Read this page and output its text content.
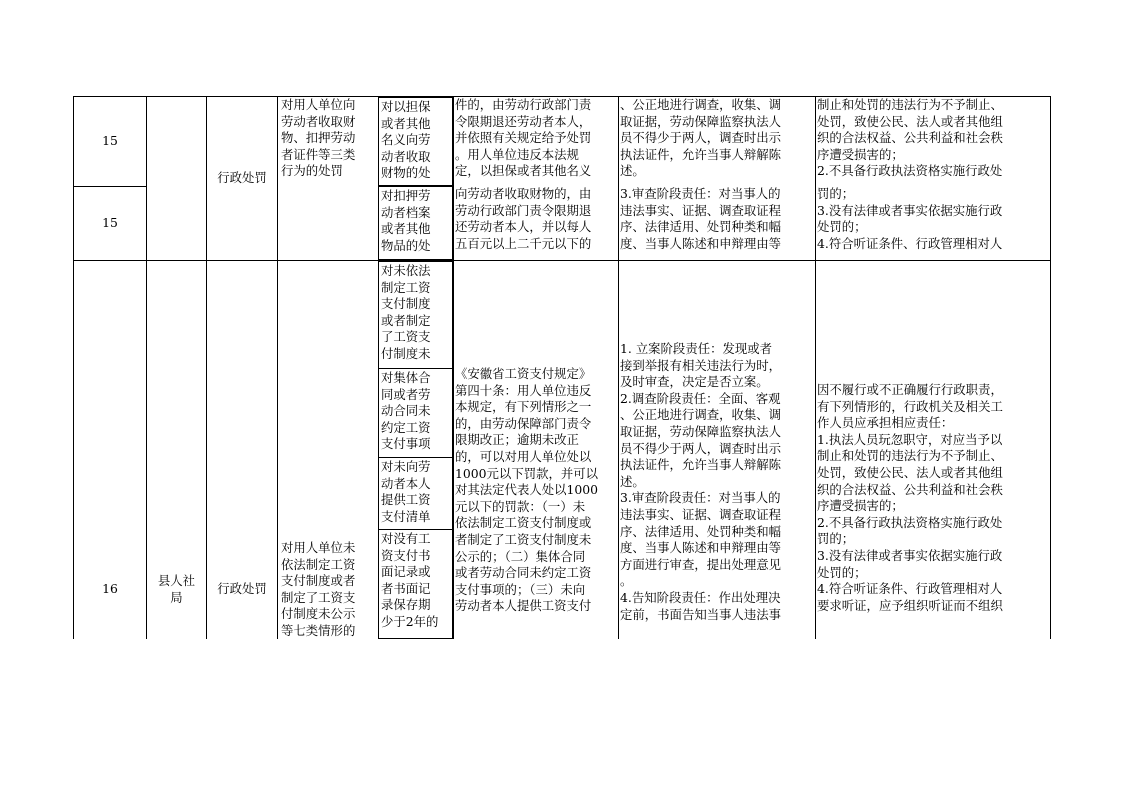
15
行政处罚
对用人单位向
劳动者收取财
物、扣押劳动
者证件等三类
行为的处罚
对以担保
或者其他
名义向劳
动者收取
财物的处
件的，由劳动行政部门责
令限期退还劳动者本人，
并依照有关规定给予处罚
。用人单位违反本法规
定，以担保或者其他名义
、公正地进行调查，收集、调
取证据，劳动保障监察执法人
员不得少于两人，调查时出示
执法证件，允许当事人辩解陈
述。
制止和处罚的违法行为不予制止、
处罚，致使公民、法人或者其他组
织的合法权益、公共利益和社会秩
序遭受损害的；
2.不具备行政执法资格实施行政处
15
对扣押劳
动者档案
或者其他
物品的处
向劳动者收取财物的，由
劳动行政部门责令限期退
还劳动者本人，并以每人
五百元以上二千元以下的
3.审查阶段责任：对当事人的
违法事实、证据、调查取证程
序、法律适用、处罚种类和幅
度、当事人陈述和申辩理由等
罚的；
3.没有法律或者事实依据实施行政
处罚的；
4.符合听证条件、行政管理相对人
16
县人社
局
行政处罚
对用人单位未
依法制定工资
支付制度或者
制定了工资支
付制度未公示
等七类情形的
对未依法
制定工资
支付制度
或者制定
了工资支
付制度未
对集体合
同或者劳
动合同未
约定工资
支付事项
对未向劳
动者本人
提供工资
支付清单
对没有工
资支付书
面记录或
者书面记
录保存期
少于2年的
《安徽省工资支付规定》
第四十条：用人单位违反
本规定，有下列情形之一
的，由劳动保障部门责令
限期改正；逾期未改正
的，可以对用人单位处以
1000元以下罚款，并可以
对其法定代表人处以1000
元以下的罚款：（一）未
依法制定工资支付制度或
者制定了工资支付制度未
公示的；（二）集体合同
或者劳动合同未约定工资
支付事项的；（三）未向
劳动者本人提供工资支付
1. 立案阶段责任：发现或者
接到举报有相关违法行为时，
及时审查，决定是否立案。
2.调查阶段责任：全面、客观
、公正地进行调查，收集、调
取证据，劳动保障监察执法人
员不得少于两人，调查时出示
执法证件，允许当事人辩解陈
述。
3.审查阶段责任：对当事人的
违法事实、证据、调查取证程
序、法律适用、处罚种类和幅
度、当事人陈述和申辩理由等
方面进行审查，提出处理意见
。
4.告知阶段责任：作出处理决
定前，书面告知当事人违法事
因不履行或不正确履行行政职责，
有下列情形的，行政机关及相关工
作人员应承担相应责任：
1.执法人员玩忽职守，对应当予以
制止和处罚的违法行为不予制止、
处罚，致使公民、法人或者其他组
织的合法权益、公共利益和社会秩
序遭受损害的；
2.不具备行政执法资格实施行政处
罚的；
3.没有法律或者事实依据实施行政
处罚的；
4.符合听证条件、行政管理相对人
要求听证，应予组织听证而不组织
